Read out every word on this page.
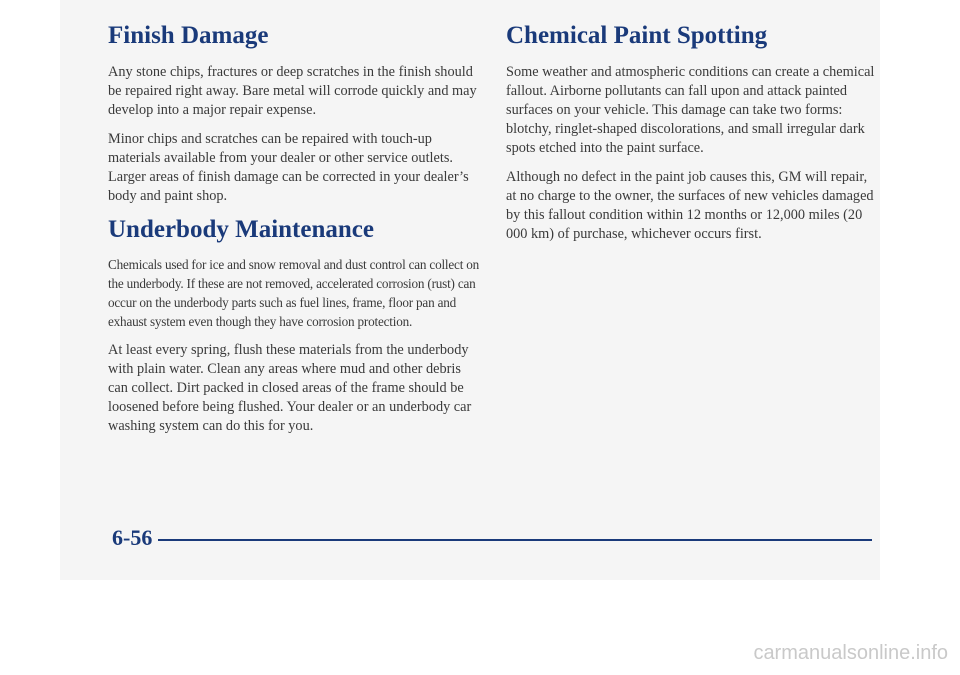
Finish Damage

Any stone chips, fractures or deep scratches in the finish should be repaired right away. Bare metal will corrode quickly and may develop into a major repair expense.

Minor chips and scratches can be repaired with touch-up materials available from your dealer or other service outlets. Larger areas of finish damage can be corrected in your dealer’s body and paint shop.

Underbody Maintenance

Chemicals used for ice and snow removal and dust control can collect on the underbody. If these are not removed, accelerated corrosion (rust) can occur on the underbody parts such as fuel lines, frame, floor pan and exhaust system even though they have corrosion protection.

At least every spring, flush these materials from the underbody with plain water. Clean any areas where mud and other debris can collect. Dirt packed in closed areas of the frame should be loosened before being flushed. Your dealer or an underbody car washing system can do this for you.

Chemical Paint Spotting

Some weather and atmospheric conditions can create a chemical fallout. Airborne pollutants can fall upon and attack painted surfaces on your vehicle. This damage can take two forms: blotchy, ringlet-shaped discolorations, and small irregular dark spots etched into the paint surface.

Although no defect in the paint job causes this, GM will repair, at no charge to the owner, the surfaces of new vehicles damaged by this fallout condition within 12 months or 12,000 miles (20 000 km) of purchase, whichever occurs first.

6-56
carmanualsonline.info
